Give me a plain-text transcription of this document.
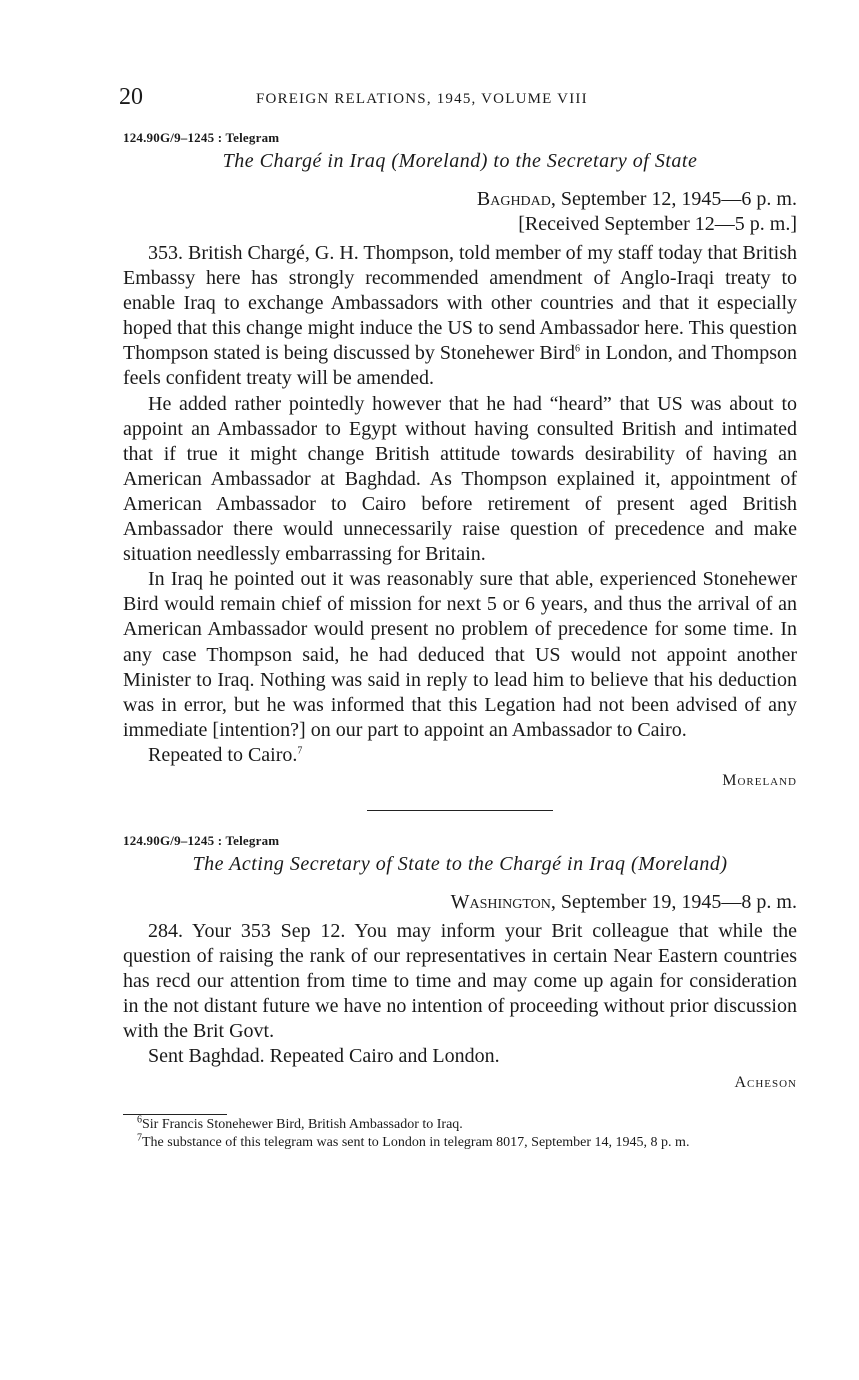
20	FOREIGN RELATIONS, 1945, VOLUME VIII
124.90G/9–1245 : Telegram
The Chargé in Iraq (Moreland) to the Secretary of State
Baghdad, September 12, 1945—6 p. m.
[Received September 12—5 p. m.]

353. British Chargé, G. H. Thompson, told member of my staff today that British Embassy here has strongly recommended amendment of Anglo-Iraqi treaty to enable Iraq to exchange Ambassadors with other countries and that it especially hoped that this change might induce the US to send Ambassador here. This question Thompson stated is being discussed by Stonehewer Bird$^6$ in London, and Thompson feels confident treaty will be amended.

He added rather pointedly however that he had “heard” that US was about to appoint an Ambassador to Egypt without having consulted British and intimated that if true it might change British attitude towards desirability of having an American Ambassador at Baghdad. As Thompson explained it, appointment of American Ambassador to Cairo before retirement of present aged British Ambassador there would unnecessarily raise question of precedence and make situation needlessly embarrassing for Britain.

In Iraq he pointed out it was reasonably sure that able, experienced Stonehewer Bird would remain chief of mission for next 5 or 6 years, and thus the arrival of an American Ambassador would present no problem of precedence for some time. In any case Thompson said, he had deduced that US would not appoint another Minister to Iraq. Nothing was said in reply to lead him to believe that his deduction was in error, but he was informed that this Legation had not been advised of any immediate [intention?] on our part to appoint an Ambassador to Cairo.

Repeated to Cairo.$^7$

Moreland
124.90G/9–1245 : Telegram
The Acting Secretary of State to the Chargé in Iraq (Moreland)
Washington, September 19, 1945—8 p. m.

284. Your 353 Sep 12. You may inform your Brit colleague that while the question of raising the rank of our representatives in certain Near Eastern countries has recd our attention from time to time and may come up again for consideration in the not distant future we have no intention of proceeding without prior discussion with the Brit Govt.

Sent Baghdad. Repeated Cairo and London.

Acheson
$^6$Sir Francis Stonehewer Bird, British Ambassador to Iraq.
$^7$The substance of this telegram was sent to London in telegram 8017, September 14, 1945, 8 p. m.
